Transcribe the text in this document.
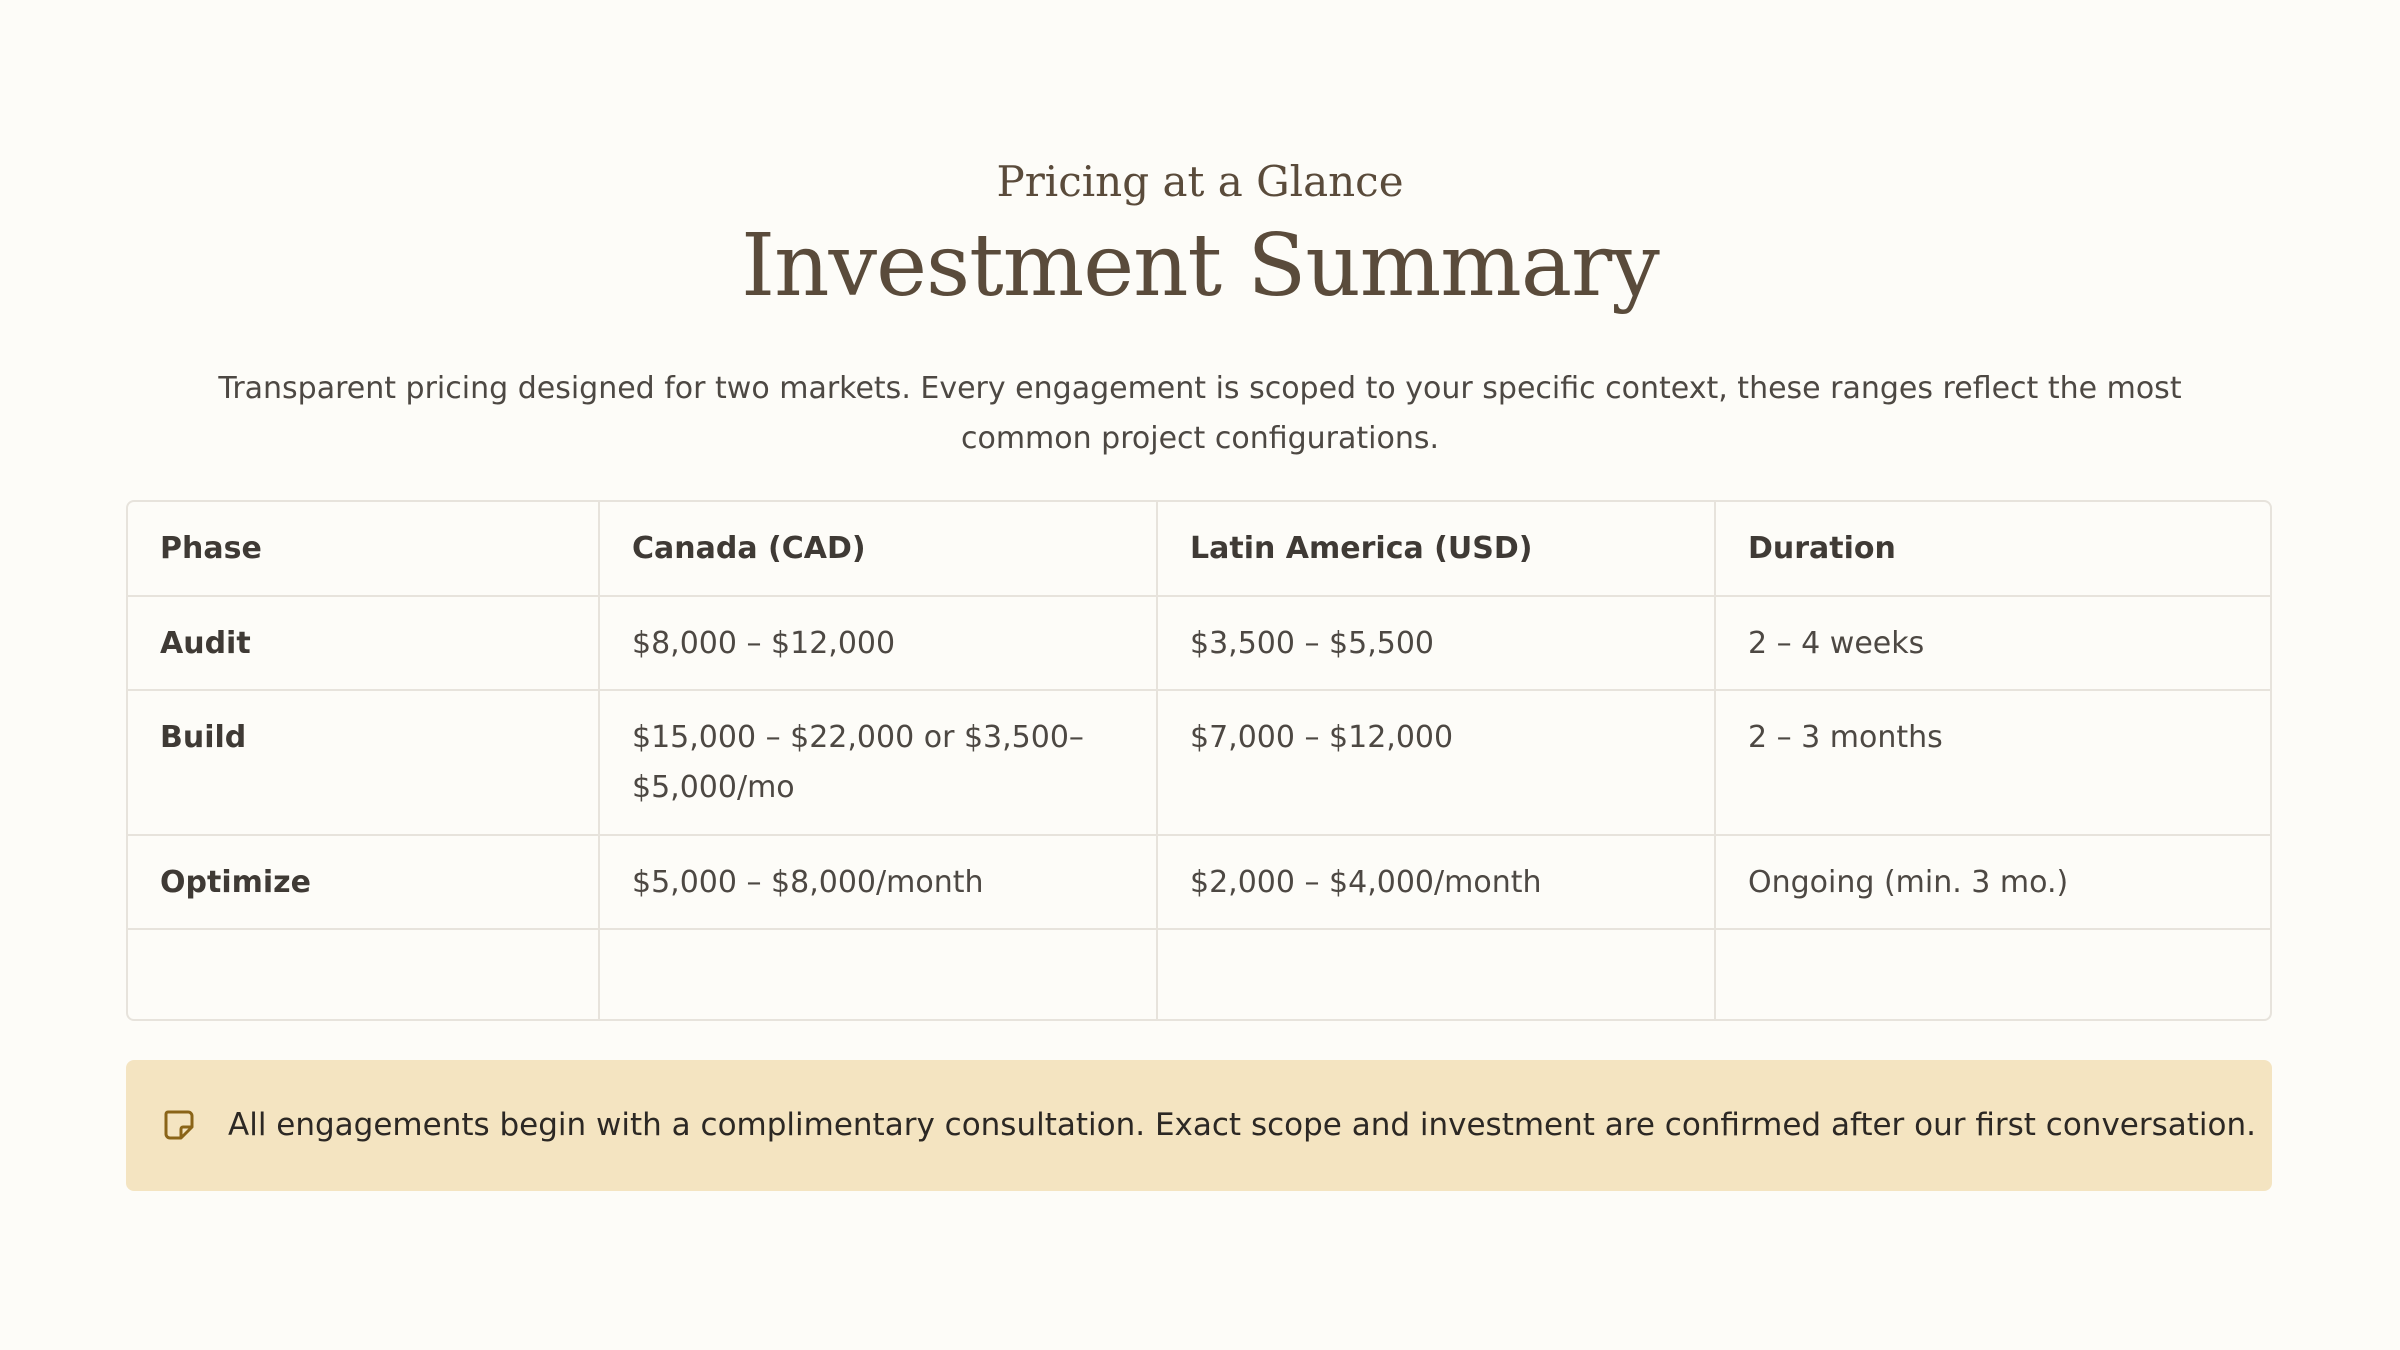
Pricing at a Glance
Investment Summary
Transparent pricing designed for two markets. Every engagement is scoped to your specific context, these ranges reflect the most common project configurations.
Phase	Canada (CAD)	Latin America (USD)	Duration
Audit	$8,000 – $12,000	$3,500 – $5,500	2 – 4 weeks
Build	$15,000 – $22,000 or $3,500–$5,000/mo	$7,000 – $12,000	2 – 3 months
Optimize	$5,000 – $8,000/month	$2,000 – $4,000/month	Ongoing (min. 3 mo.)

All engagements begin with a complimentary consultation. Exact scope and investment are confirmed after our first conversation.
